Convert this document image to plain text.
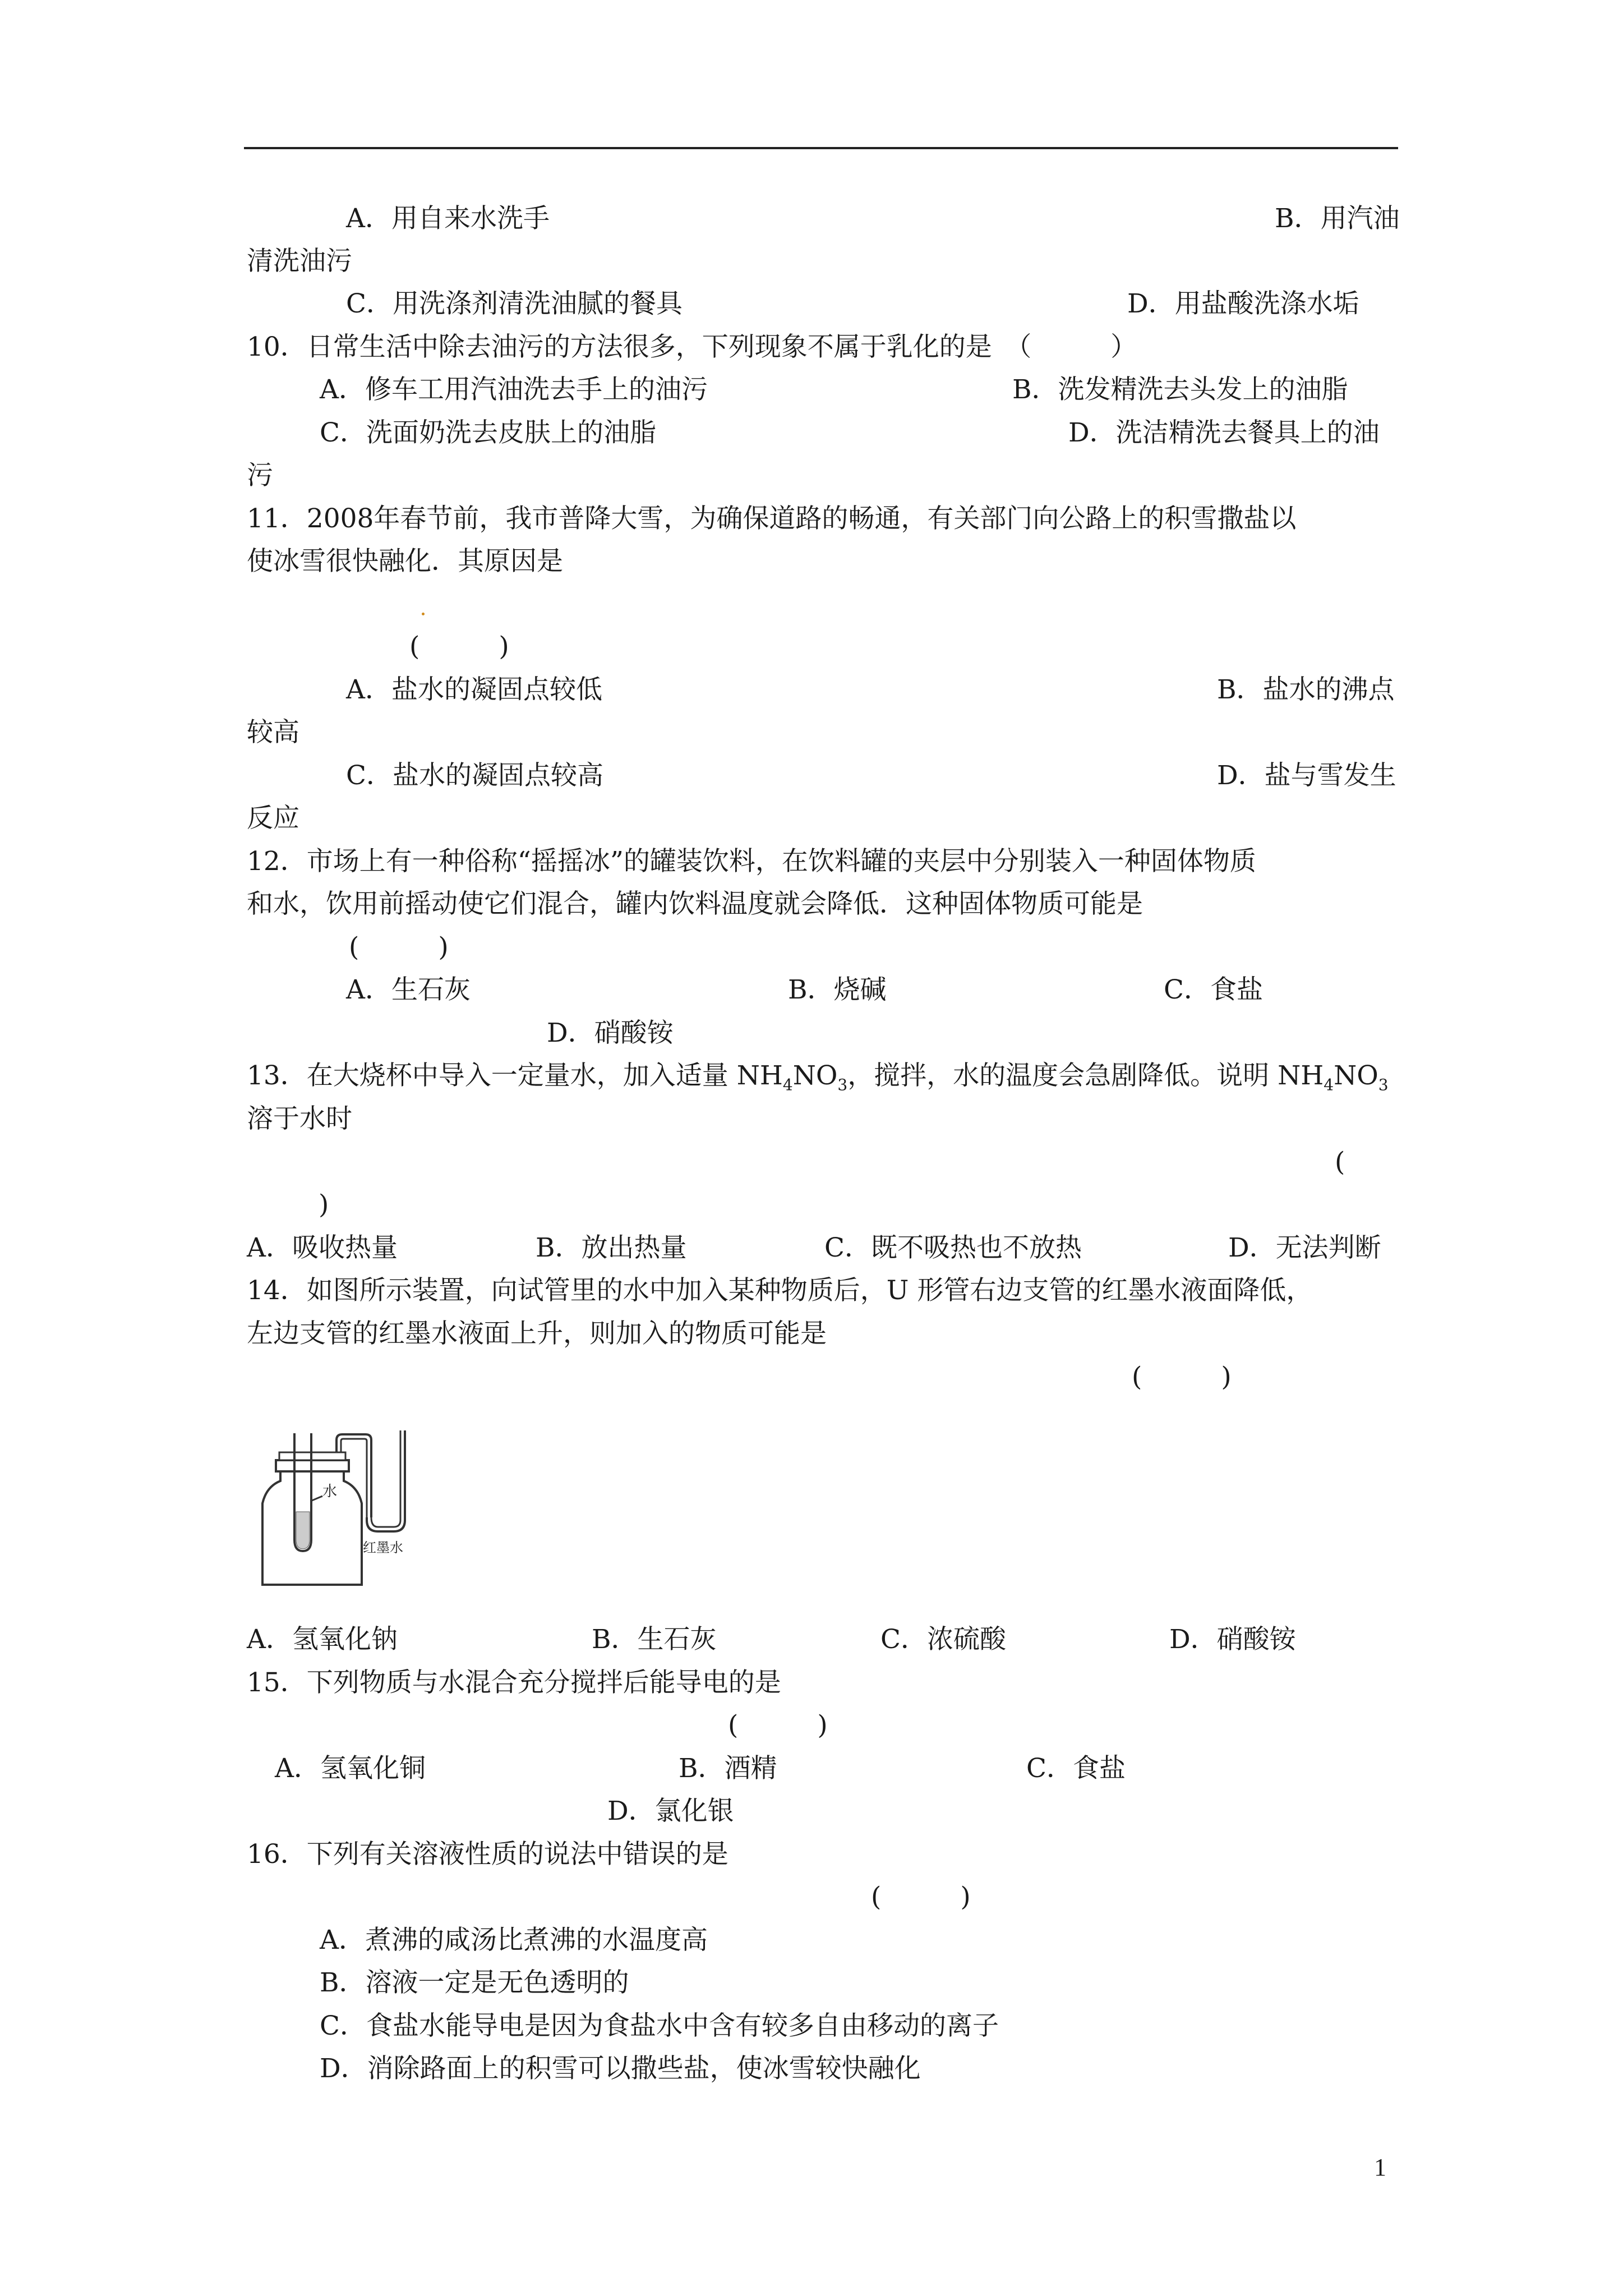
A．用自来水洗手	B．用汽油
清洗油污
C．用洗涤剂清洗油腻的餐具	D．用盐酸洗涤水垢
10．日常生活中除去油污的方法很多，下列现象不属于乳化的是　（　　　）
A．修车工用汽油洗去手上的油污	B．洗发精洗去头发上的油脂
C．洗面奶洗去皮肤上的油脂	D．洗洁精洗去餐具上的油
污
11．2008年春节前，我市普降大雪，为确保道路的畅通，有关部门向公路上的积雪撒盐以
使冰雪很快融化．其原因是
(　　　)
A．盐水的凝固点较低	B．盐水的沸点
较高
C．盐水的凝固点较高	D．盐与雪发生
反应
12．市场上有一种俗称“摇摇冰”的罐装饮料，在饮料罐的夹层中分别装入一种固体物质
和水，饮用前摇动使它们混合，罐内饮料温度就会降低．这种固体物质可能是
(　　　)
A．生石灰	B．烧碱	C．食盐
D．硝酸铵
13．在大烧杯中导入一定量水，加入适量 $NH_4NO_3$，搅拌，水的温度会急剧降低。说明 $NH_4NO_3$
溶于水时
(
)
A．吸收热量	B．放出热量	C．既不吸热也不放热	D．无法判断
14．如图所示装置，向试管里的水中加入某种物质后，U 形管右边支管的红墨水液面降低，
左边支管的红墨水液面上升，则加入的物质可能是
(　　　)
水
红墨水
A．氢氧化钠	B．生石灰	C．浓硫酸	D．硝酸铵
15．下列物质与水混合充分搅拌后能导电的是
(　　　)
A．氢氧化铜	B．酒精	C．食盐
D．氯化银
16．下列有关溶液性质的说法中错误的是
(　　　)
A．煮沸的咸汤比煮沸的水温度高
B．溶液一定是无色透明的
C．食盐水能导电是因为食盐水中含有较多自由移动的离子
D．消除路面上的积雪可以撒些盐，使冰雪较快融化
1
